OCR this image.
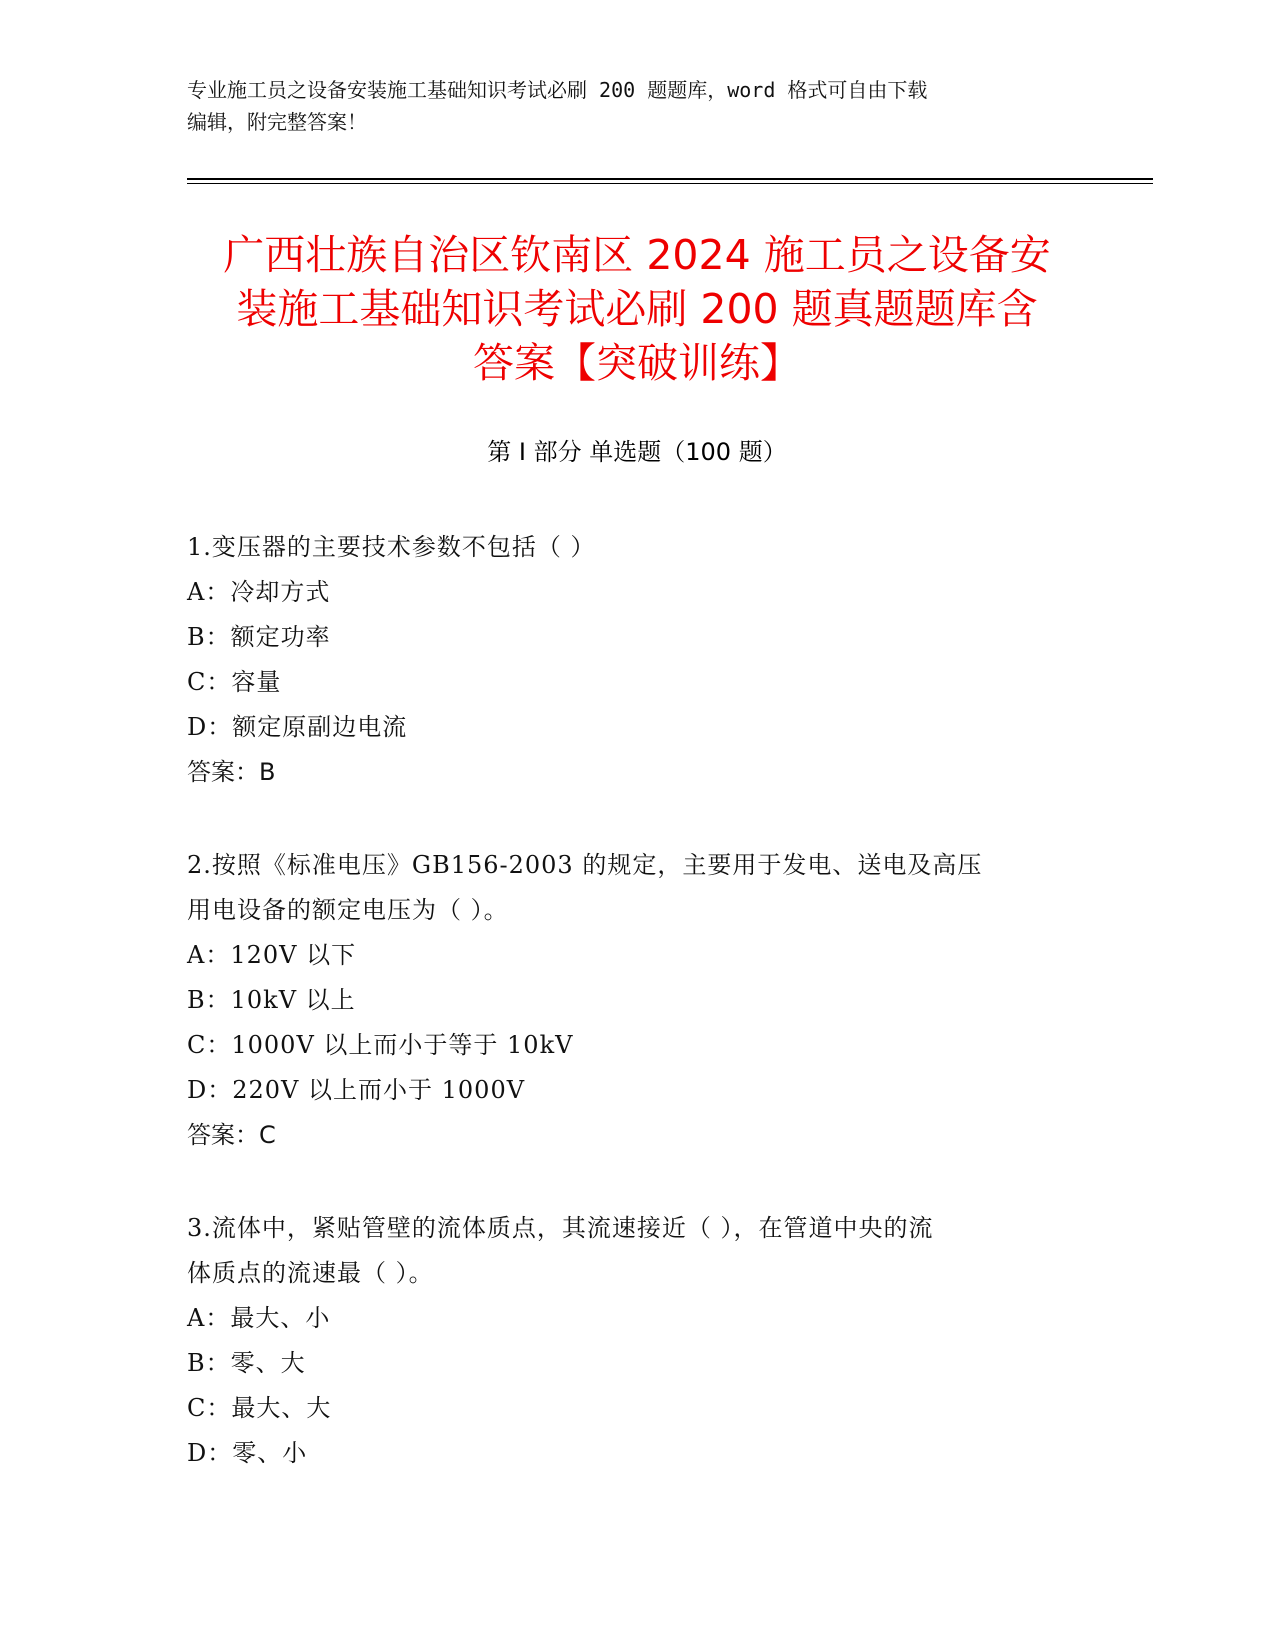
专业施工员之设备安装施工基础知识考试必刷 200 题题库，word 格式可自由下载
编辑，附完整答案！
广西壮族自治区钦南区 2024 施工员之设备安
装施工基础知识考试必刷 200 题真题题库含
答案【突破训练】
第 I 部分 单选题（100 题）
1.变压器的主要技术参数不包括（ ）
A：冷却方式
B：额定功率
C：容量
D：额定原副边电流
答案：B
2.按照《标准电压》GB156-2003 的规定，主要用于发电、送电及高压
用电设备的额定电压为（ ）。
A：120V 以下
B：10kV 以上
C：1000V 以上而小于等于 10kV
D：220V 以上而小于 1000V
答案：C
3.流体中，紧贴管壁的流体质点，其流速接近（ ），在管道中央的流
体质点的流速最（ ）。
A：最大、小
B：零、大
C：最大、大
D：零、小
